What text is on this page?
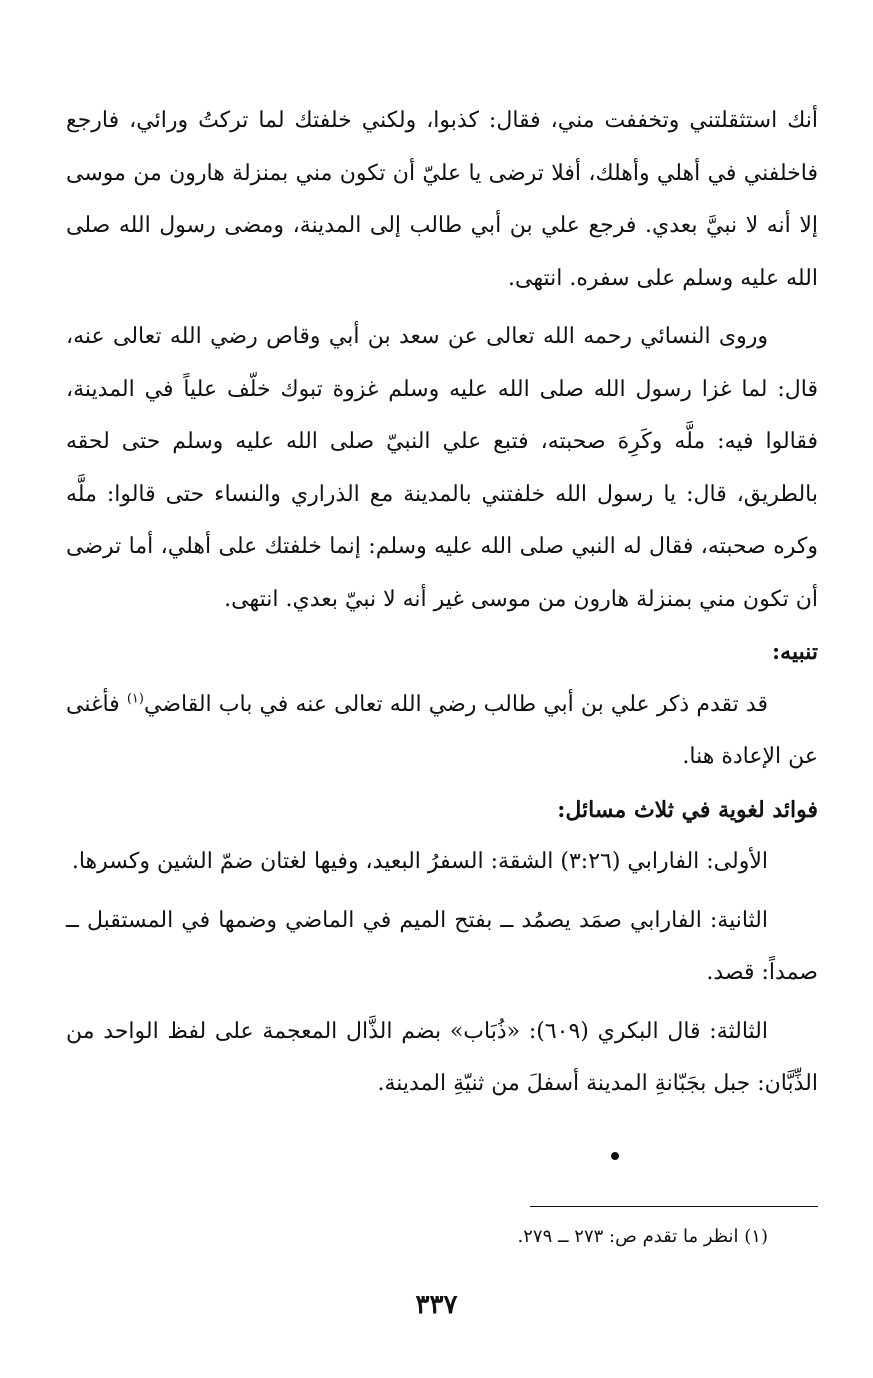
أنك استثقلتني وتخففت مني، فقال: كذبوا، ولكني خلفتك لما تركتُ ورائي، فارجع فاخلفني في أهلي وأهلك، أفلا ترضى يا عليّ أن تكون مني بمنزلة هارون من موسى إلا أنه لا نبيَّ بعدي. فرجع علي بن أبي طالب إلى المدينة، ومضى رسول الله صلى الله عليه وسلم على سفره. انتهى.

وروى النسائي رحمه الله تعالى عن سعد بن أبي وقاص رضي الله تعالى عنه، قال: لما غزا رسول الله صلى الله عليه وسلم غزوة تبوك خلّف علياً في المدينة، فقالوا فيه: ملَّه وكَرِهَ صحبته، فتبع علي النبيّ صلى الله عليه وسلم حتى لحقه بالطريق، قال: يا رسول الله خلفتني بالمدينة مع الذراري والنساء حتى قالوا: ملَّه وكره صحبته، فقال له النبي صلى الله عليه وسلم: إنما خلفتك على أهلي، أما ترضى أن تكون مني بمنزلة هارون من موسى غير أنه لا نبيّ بعدي. انتهى.

تنبيه:

قد تقدم ذكر علي بن أبي طالب رضي الله تعالى عنه في باب القاضي$^{(١)}$ فأغنى عن الإعادة هنا.

فوائد لغوية في ثلاث مسائل:

الأولى: الفارابي (٣:٢٦) الشقة: السفرُ البعيد، وفيها لغتان ضمّ الشين وكسرها.

الثانية: الفارابي صمَد يصمُد ــ بفتح الميم في الماضي وضمها في المستقبل ــ صمداً: قصد.

الثالثة: قال البكري (٦٠٩): «ذُبَاب» بضم الذَّال المعجمة على لفظ الواحد من الذِّبَّان: جبل بجَبّانةِ المدينة أسفلَ من ثنيّةِ المدينة.

(١) انظر ما تقدم ص: ٢٧٣ ــ ٢٧٩.
٣٣٧
